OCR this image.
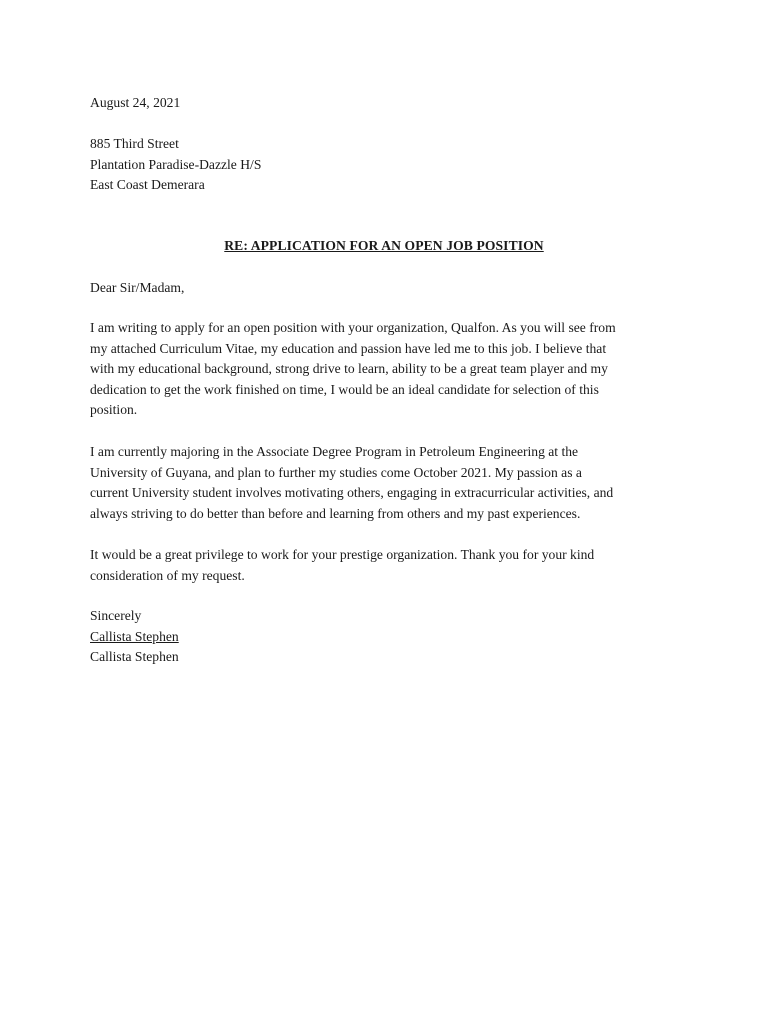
August 24, 2021
885 Third Street
Plantation Paradise-Dazzle H/S
East Coast Demerara
RE: APPLICATION FOR AN OPEN JOB POSITION
Dear Sir/Madam,
I am writing to apply for an open position with your organization, Qualfon. As you will see from
my attached Curriculum Vitae, my education and passion have led me to this job. I believe that
with my educational background, strong drive to learn, ability to be a great team player and my
dedication to get the work finished on time, I would be an ideal candidate for selection of this
position.
I am currently majoring in the Associate Degree Program in Petroleum Engineering at the
University of Guyana, and plan to further my studies come October 2021. My passion as a
current University student involves motivating others, engaging in extracurricular activities, and
always striving to do better than before and learning from others and my past experiences.
It would be a great privilege to work for your prestige organization. Thank you for your kind
consideration of my request.
Sincerely
Callista Stephen
Callista Stephen
